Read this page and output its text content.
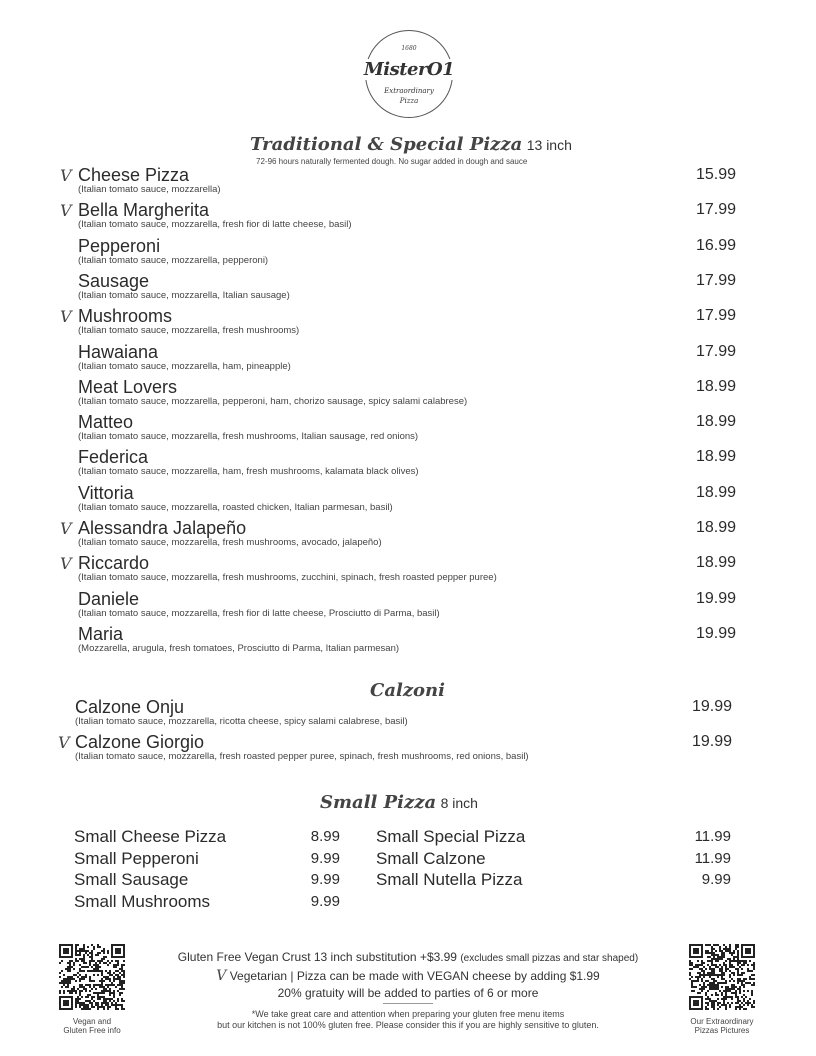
1680
MisterO1
Extraordinary
Pizza
Traditional & Special Pizza 13 inch
72-96 hours naturally fermented dough. No sugar added in dough and sauce
V Cheese Pizza
(Italian tomato sauce, mozzarella)
15.99
V Bella Margherita
(Italian tomato sauce, mozzarella, fresh fior di latte cheese, basil)
17.99
Pepperoni
(Italian tomato sauce, mozzarella, pepperoni)
16.99
Sausage
(Italian tomato sauce, mozzarella, Italian sausage)
17.99
V Mushrooms
(Italian tomato sauce, mozzarella, fresh mushrooms)
17.99
Hawaiana
(Italian tomato sauce, mozzarella, ham, pineapple)
17.99
Meat Lovers
(Italian tomato sauce, mozzarella, pepperoni, ham, chorizo sausage, spicy salami calabrese)
18.99
Matteo
(Italian tomato sauce, mozzarella, fresh mushrooms, Italian sausage, red onions)
18.99
Federica
(Italian tomato sauce, mozzarella, ham, fresh mushrooms, kalamata black olives)
18.99
Vittoria
(Italian tomato sauce, mozzarella, roasted chicken, Italian parmesan, basil)
18.99
V Alessandra Jalapeño
(Italian tomato sauce, mozzarella, fresh mushrooms, avocado, jalapeño)
18.99
V Riccardo
(Italian tomato sauce, mozzarella, fresh mushrooms, zucchini, spinach, fresh roasted pepper puree)
18.99
Daniele
(Italian tomato sauce, mozzarella, fresh fior di latte cheese, Prosciutto di Parma, basil)
19.99
Maria
(Mozzarella, arugula, fresh tomatoes, Prosciutto di Parma, Italian parmesan)
19.99
Calzoni
Calzone Onju
(Italian tomato sauce, mozzarella, ricotta cheese, spicy salami calabrese, basil)
19.99
V Calzone Giorgio
(Italian tomato sauce, mozzarella, fresh roasted pepper puree, spinach, fresh mushrooms, red onions, basil)
19.99
Small Pizza 8 inch
Small Cheese Pizza	8.99
Small Pepperoni	9.99
Small Sausage	9.99
Small Mushrooms	9.99
Small Special Pizza	11.99
Small Calzone	11.99
Small Nutella Pizza	9.99
Vegan and
Gluten Free info
Our Extraordinary
Pizzas Pictures
Gluten Free Vegan Crust 13 inch substitution +$3.99 (excludes small pizzas and star shaped)
V Vegetarian | Pizza can be made with VEGAN cheese by adding $1.99
20% gratuity will be added to parties of 6 or more
*We take great care and attention when preparing your gluten free menu items
but our kitchen is not 100% gluten free. Please consider this if you are highly sensitive to gluten.
